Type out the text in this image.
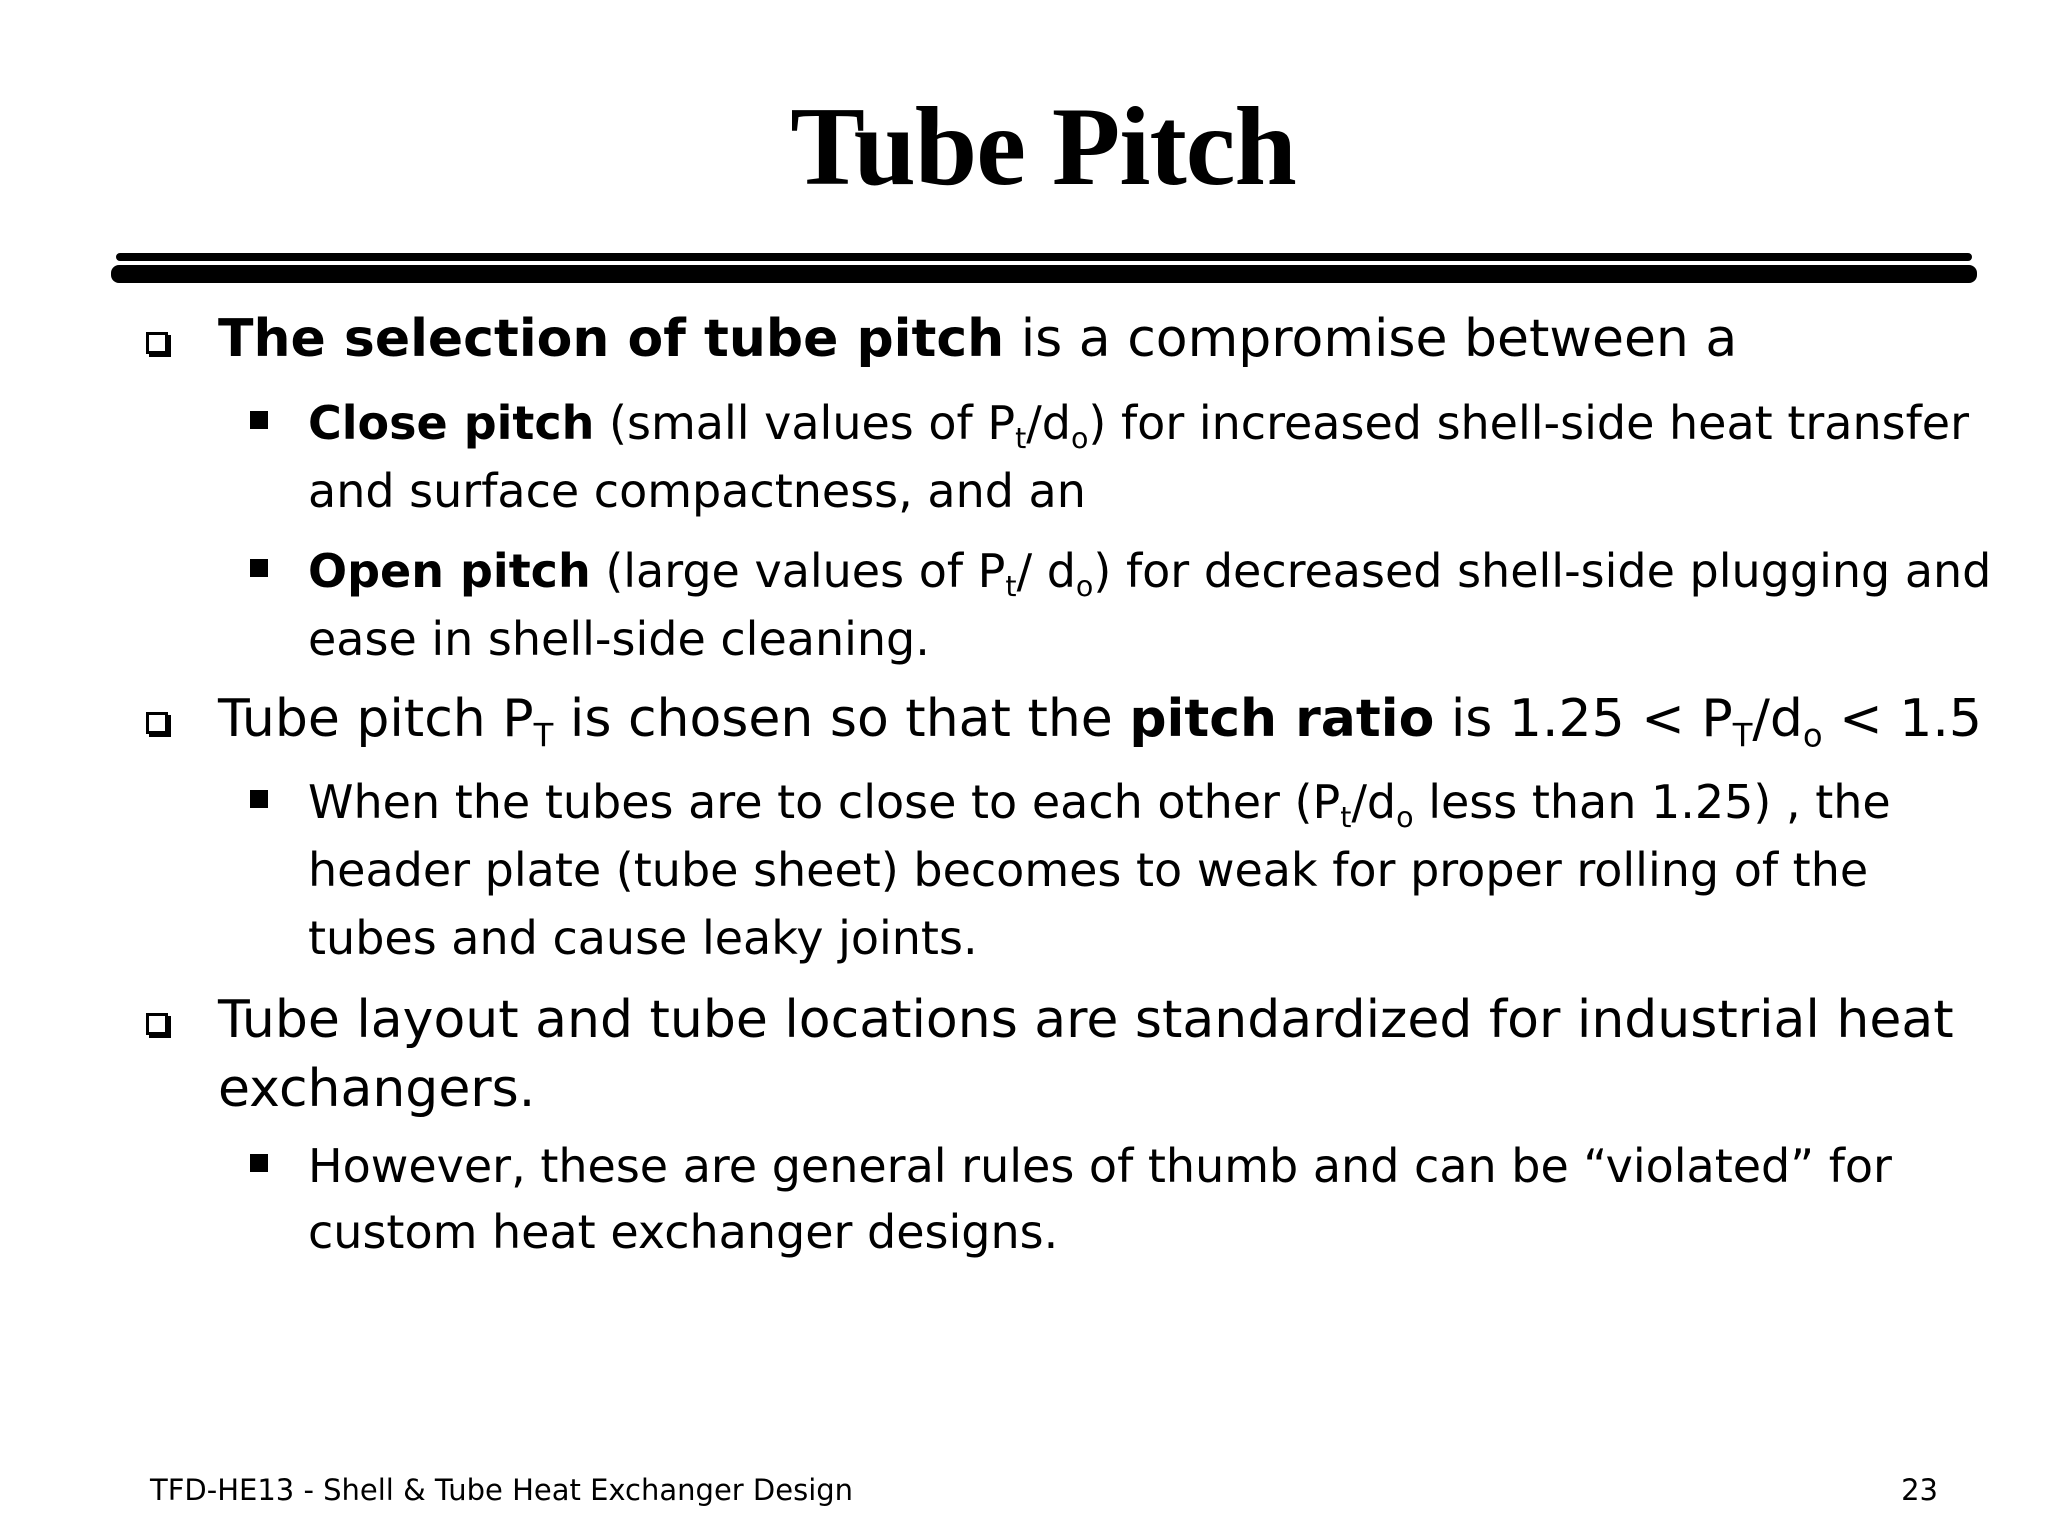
Tube Pitch
The selection of tube pitch is a compromise between a
Close pitch (small values of $P_t/d_o$) for increased shell-side heat transfer
and surface compactness, and an
Open pitch (large values of $P_t/$ $d_o$) for decreased shell-side plugging and
ease in shell-side cleaning.
Tube pitch $P_T$ is chosen so that the pitch ratio is $1.25 < P_T/d_o < 1.5$
When the tubes are to close to each other ($P_t/d_o$ less than 1.25) , the
header plate (tube sheet) becomes to weak for proper rolling of the
tubes and cause leaky joints.
Tube layout and tube locations are standardized for industrial heat
exchangers.
However, these are general rules of thumb and can be “violated” for
custom heat exchanger designs.
TFD-HE13 - Shell & Tube Heat Exchanger Design	23
